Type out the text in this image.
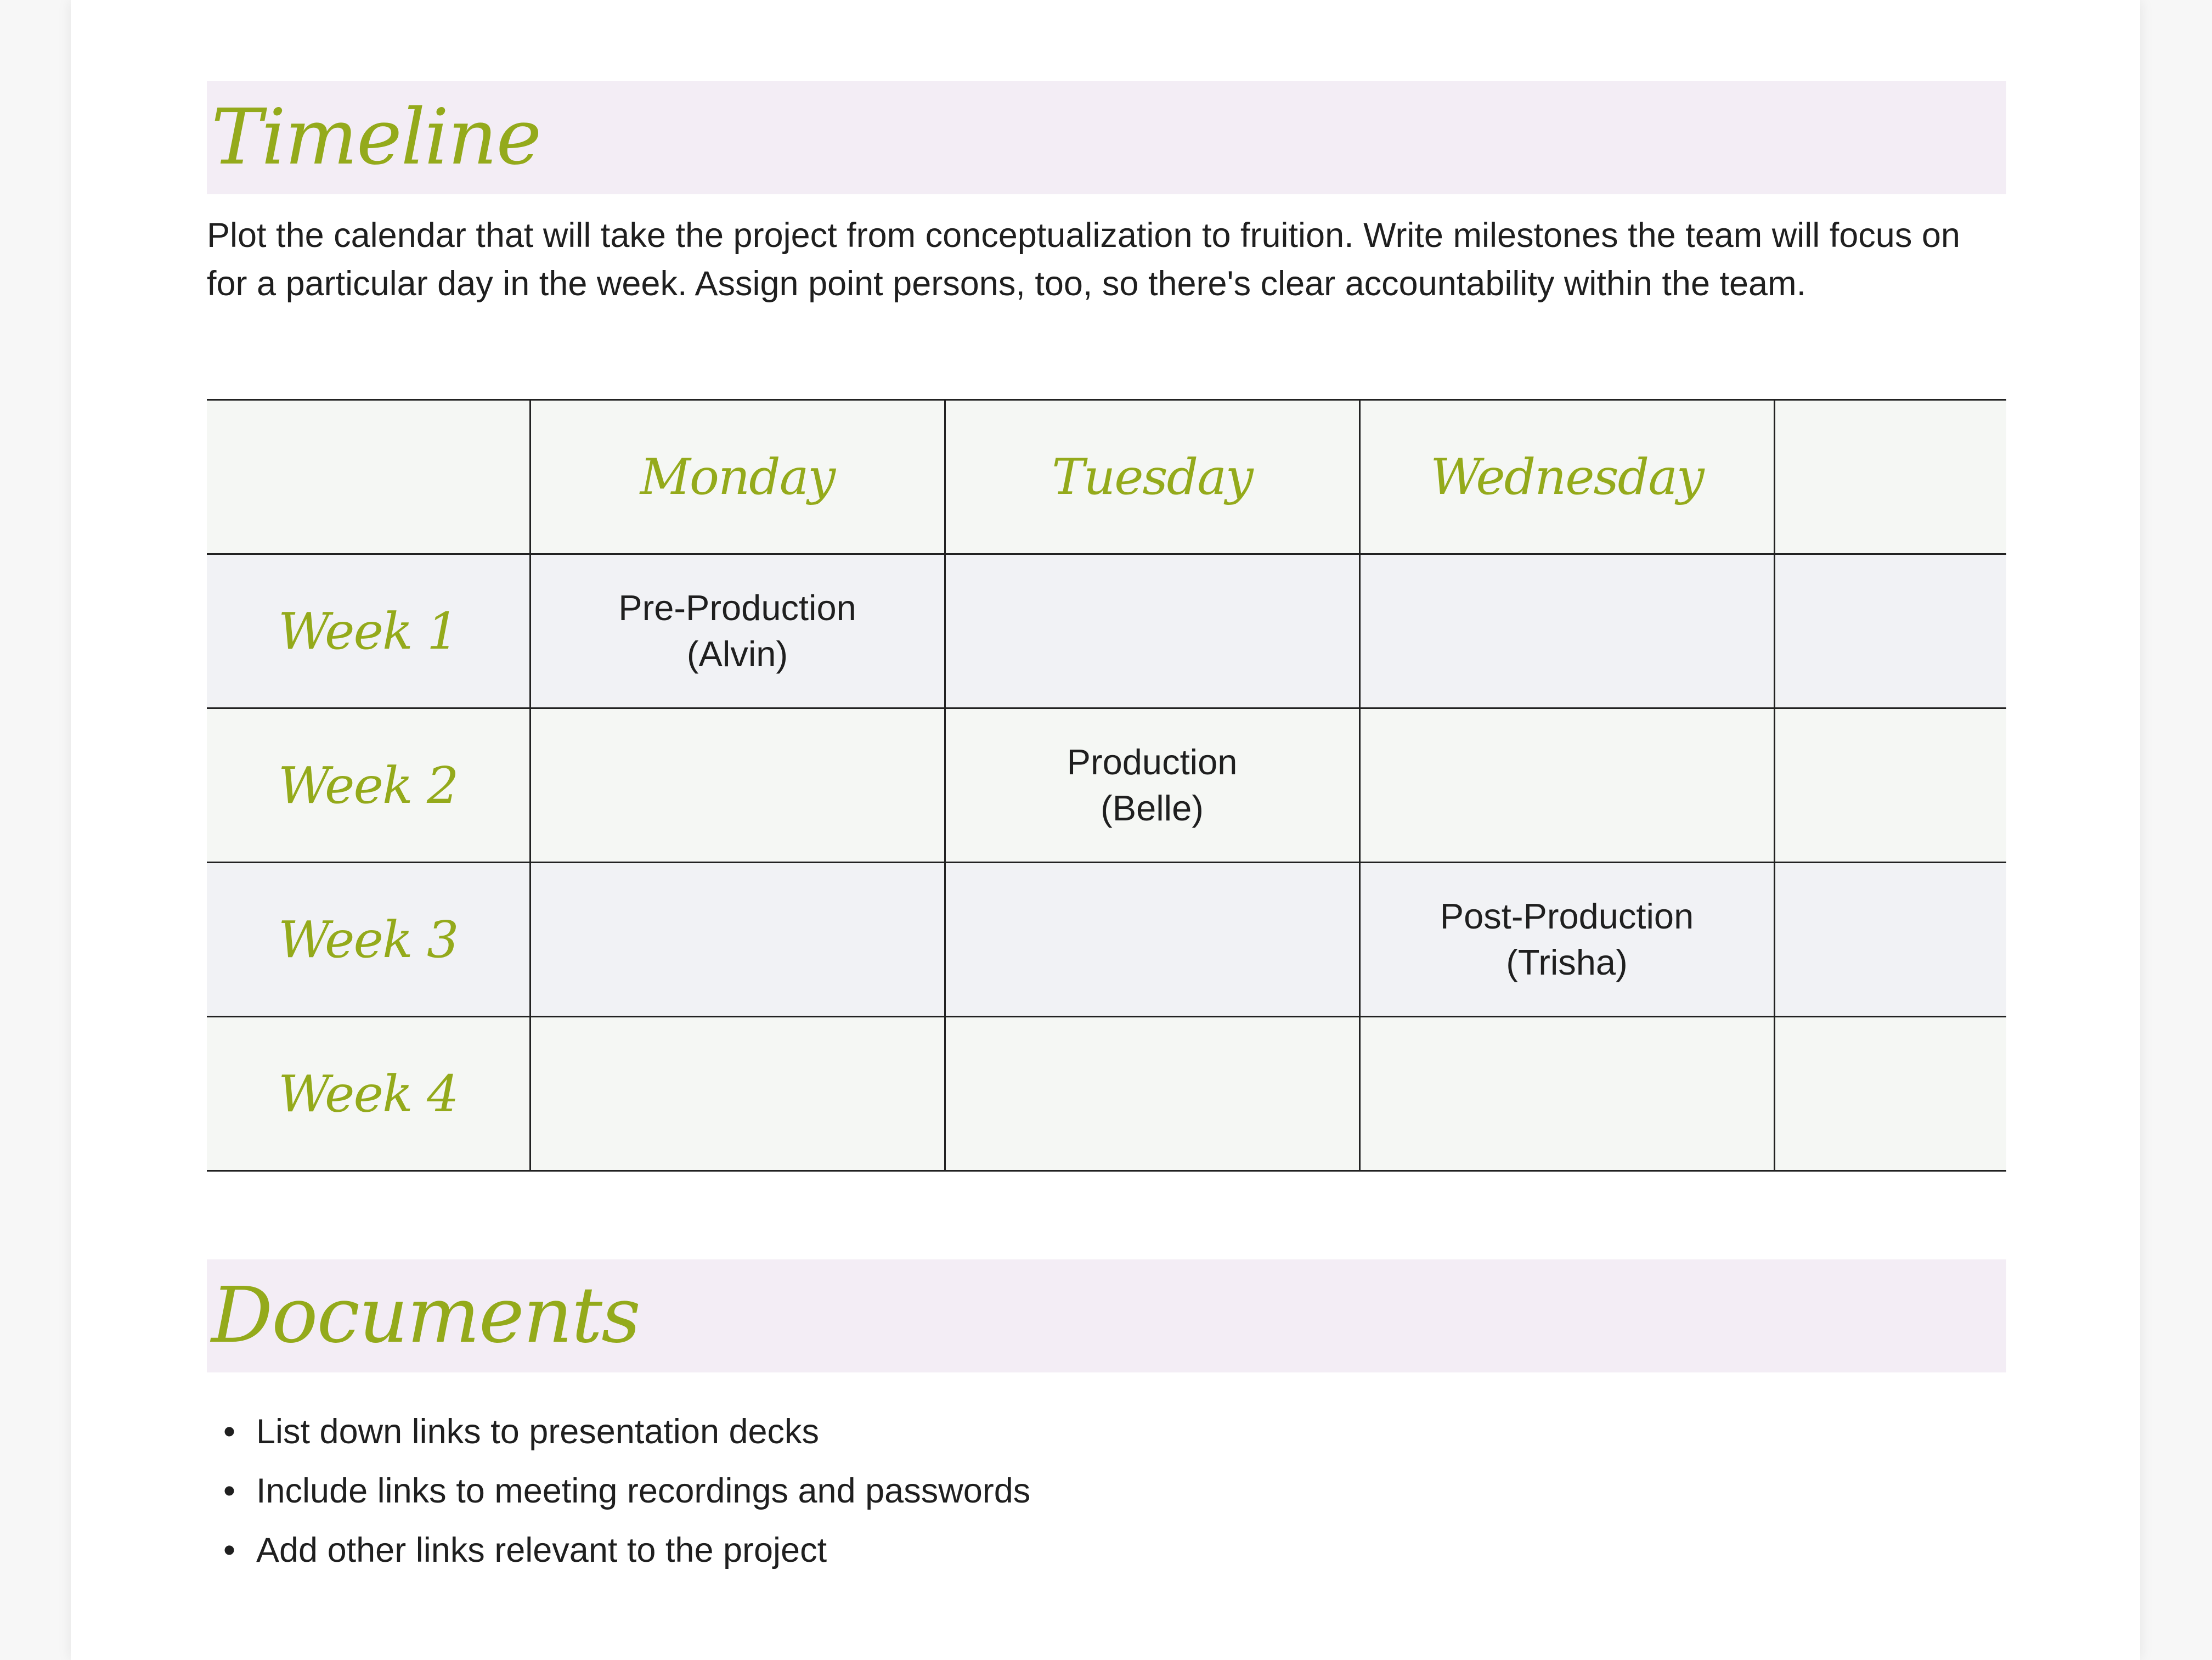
Timeline

Plot the calendar that will take the project from conceptualization to fruition. Write milestones the team will focus on for a particular day in the week. Assign point persons, too, so there's clear accountability within the team.

	Monday	Tuesday	Wednesday	
Week 1	Pre-Production
(Alvin)			

Week 2		Production
(Belle)		

Week 3			Post-Production
(Trisha)	

Week 4	

Documents
• List down links to presentation decks
• Include links to meeting recordings and passwords
• Add other links relevant to the project
